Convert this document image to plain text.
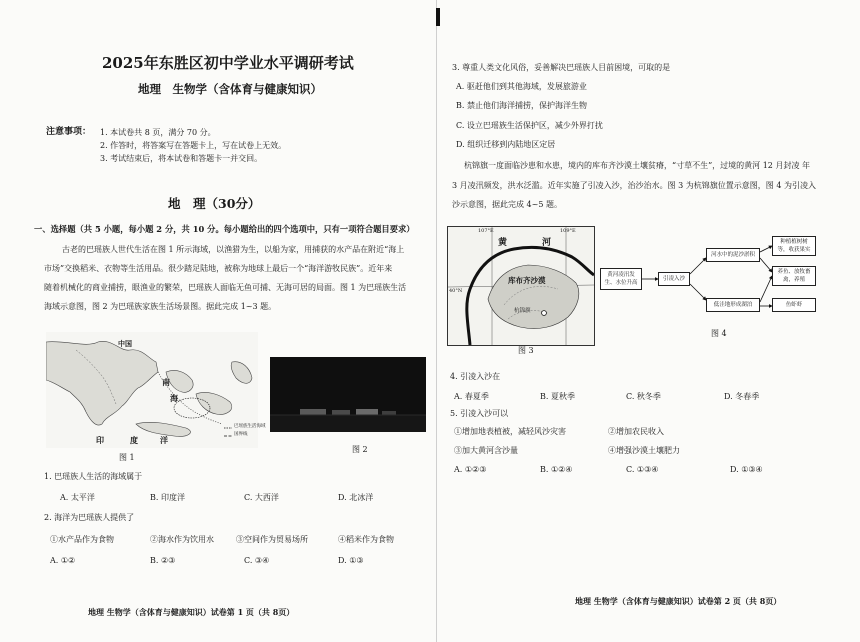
2025年东胜区初中学业水平调研考试
地理　生物学（含体育与健康知识）
注意事项： 1. 本试卷共 8 页，满分 70 分。
2. 作答时，将答案写在答题卡上，写在试卷上无效。
3. 考试结束后，将本试卷和答题卡一并交回。
地　理（30分）
一、选择题（共 5 小题，每小题 2 分，共 10 分。每小题给出的四个选项中，只有一项符合题目要求）
古老的巴瑶族人世代生活在图 1 所示海域，以渔猎为生，以船为家，用捕获的水产品在附近“海上
市场”交换稻米、衣物等生活用品。很少踏足陆地，被称为地球上最后一个“海洋游牧民族”。近年来
随着机械化的商业捕捞，眼渔业的繁荣，巴瑶族人面临无鱼可捕、无海可居的局面。图 1 为巴瑶族生活
海域示意图，图 2 为巴瑶族家族生活场景图。据此完成 1~3 题。
中国
南
海
印	度	洋
巴瑶族生活海域
国界线
图 1
图 2
1. 巴瑶族人生活的海域属于
A. 太平洋	B. 印度洋	C. 大西洋	D. 北冰洋
2. 海洋为巴瑶族人提供了
①水产品作为食物	②海水作为饮用水	③空间作为贸易场所	④稻米作为食物
A. ①②	B. ②③	C. ③④	D. ①③
地理 生物学（含体育与健康知识）试卷第 1 页（共 8页）
3. 尊重人类文化风俗，妥善解决巴瑶族人目前困境，可取的是
A. 驱赶他们到其他海域，发展旅游业
B. 禁止他们海洋捕捞，保护海洋生物
C. 设立巴瑶族生活保护区，减少外界打扰
D. 组织迁移到内陆地区定居
杭锦旗一度面临沙患和水患，境内的库布齐沙漠土壤贫瘠，“寸草不生”，过境的黄河 12 月封凌 年
3 月凌汛频发，洪水泛滥。近年实施了引凌入沙，治沙治水。图 3 为杭锦旗位置示意图，图 4 为引凌入
沙示意图，据此完成 4~5 题。
107°E	109°E
40°N
黄	河
库布齐沙漠
杭锦旗
图 3
黄河凌汛发生、水位升高
引凌入沙
河水中的泥沙淤积
低洼地形成湖泊
种植植树树等，收获果实
养鱼、放牧畜禽，养殖
鱼虾虾
图 4
4. 引凌入沙在
A. 春夏季	B. 夏秋季	C. 秋冬季	D. 冬春季
5. 引凌入沙可以
①增加地表植被，减轻风沙灾害	②增加农民收入
③加大黄河含沙量	④增强沙漠土壤肥力
A. ①②③	B. ①②④	C. ①③④	D. ①③④
地理 生物学（含体育与健康知识）试卷第 2 页（共 8页）
